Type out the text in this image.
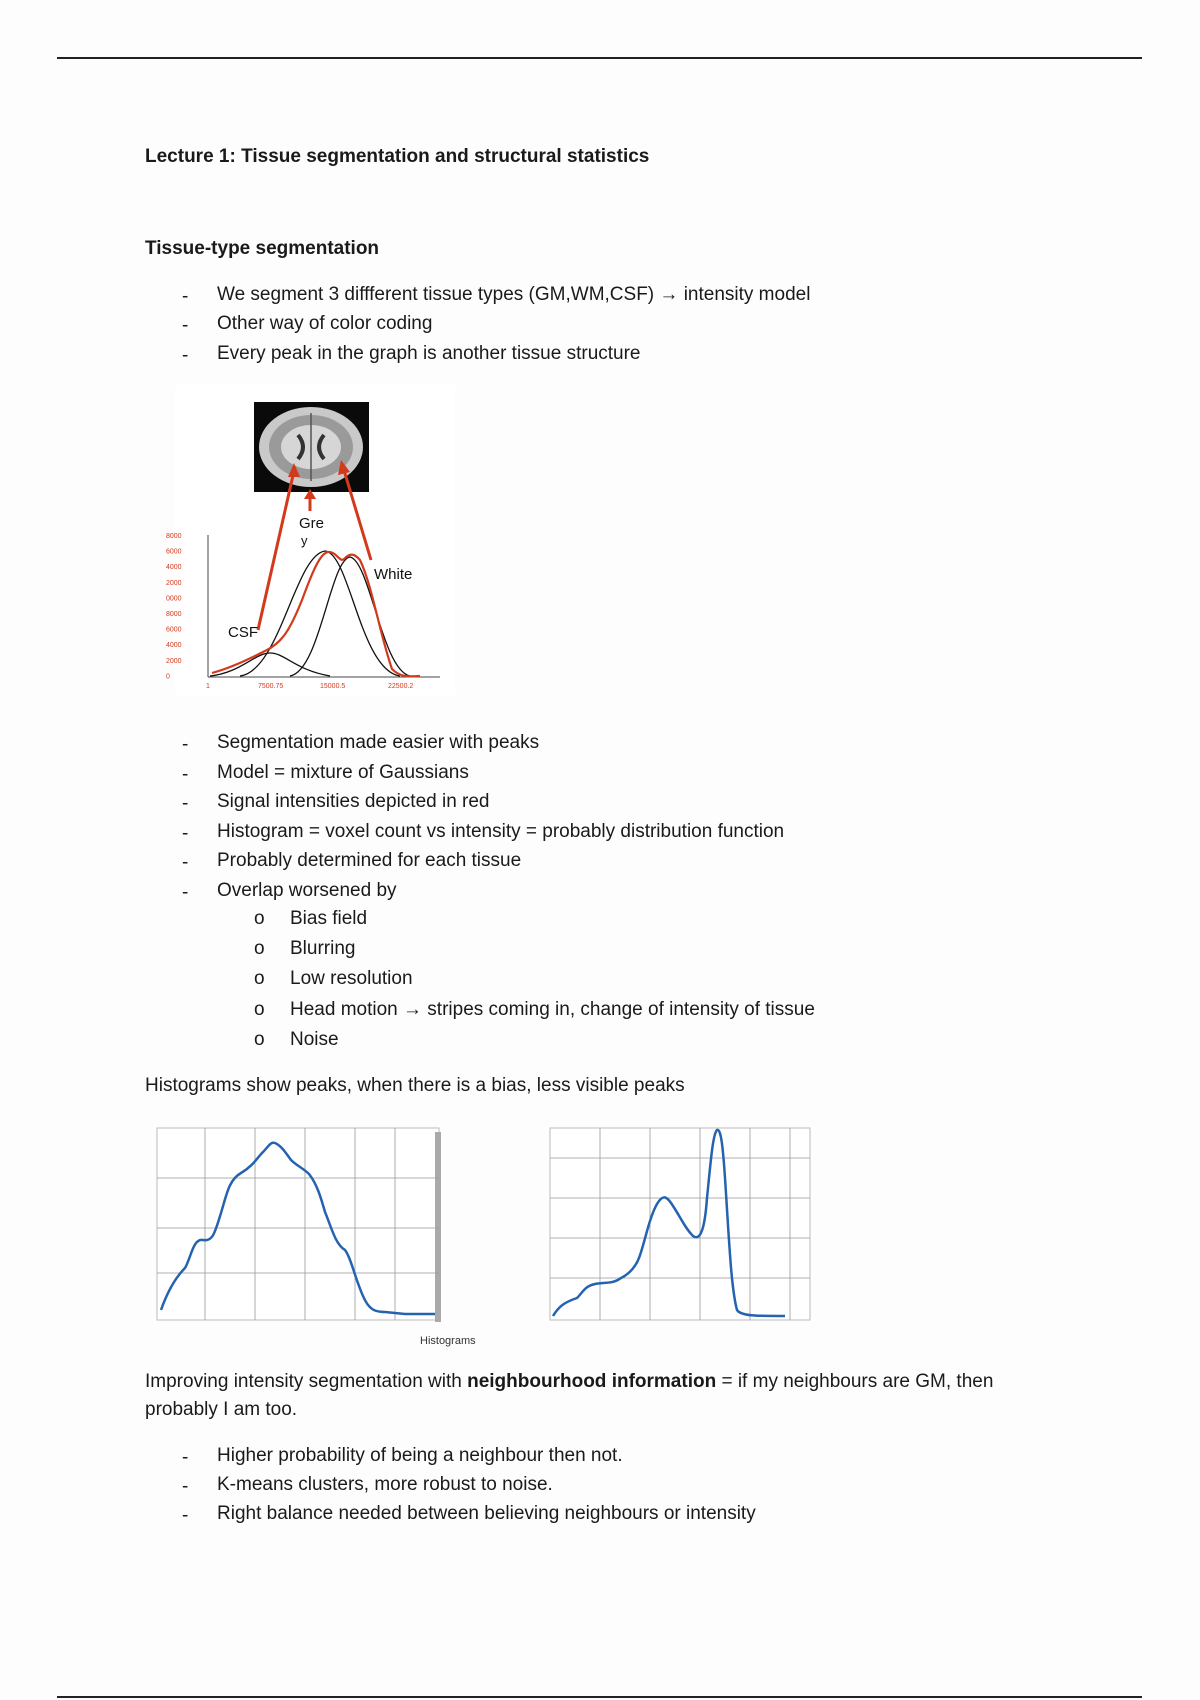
Lecture 1: Tissue segmentation and structural statistics
Tissue-type segmentation
- We segment 3 diffferent tissue types (GM,WM,CSF) → intensity model
- Other way of color coding
- Every peak in the graph is another tissue structure
8000
6000
4000
2000
0000
8000
6000
4000
2000
0
1	7500.75	15000.5	22500.2
CSF
Gre
y
White
- Segmentation made easier with peaks
- Model = mixture of Gaussians
- Signal intensities depicted in red
- Histogram = voxel count vs intensity = probably distribution function
- Probably determined for each tissue
- Overlap worsened by
o Bias field
o Blurring
o Low resolution
o Head motion → stripes coming in, change of intensity of tissue
o Noise
Histograms show peaks, when there is a bias, less visible peaks
Histograms
Improving intensity segmentation with neighbourhood information = if my neighbours are GM, then
probably I am too.
- Higher probability of being a neighbour then not.
- K-means clusters, more robust to noise.
- Right balance needed between believing neighbours or intensity
